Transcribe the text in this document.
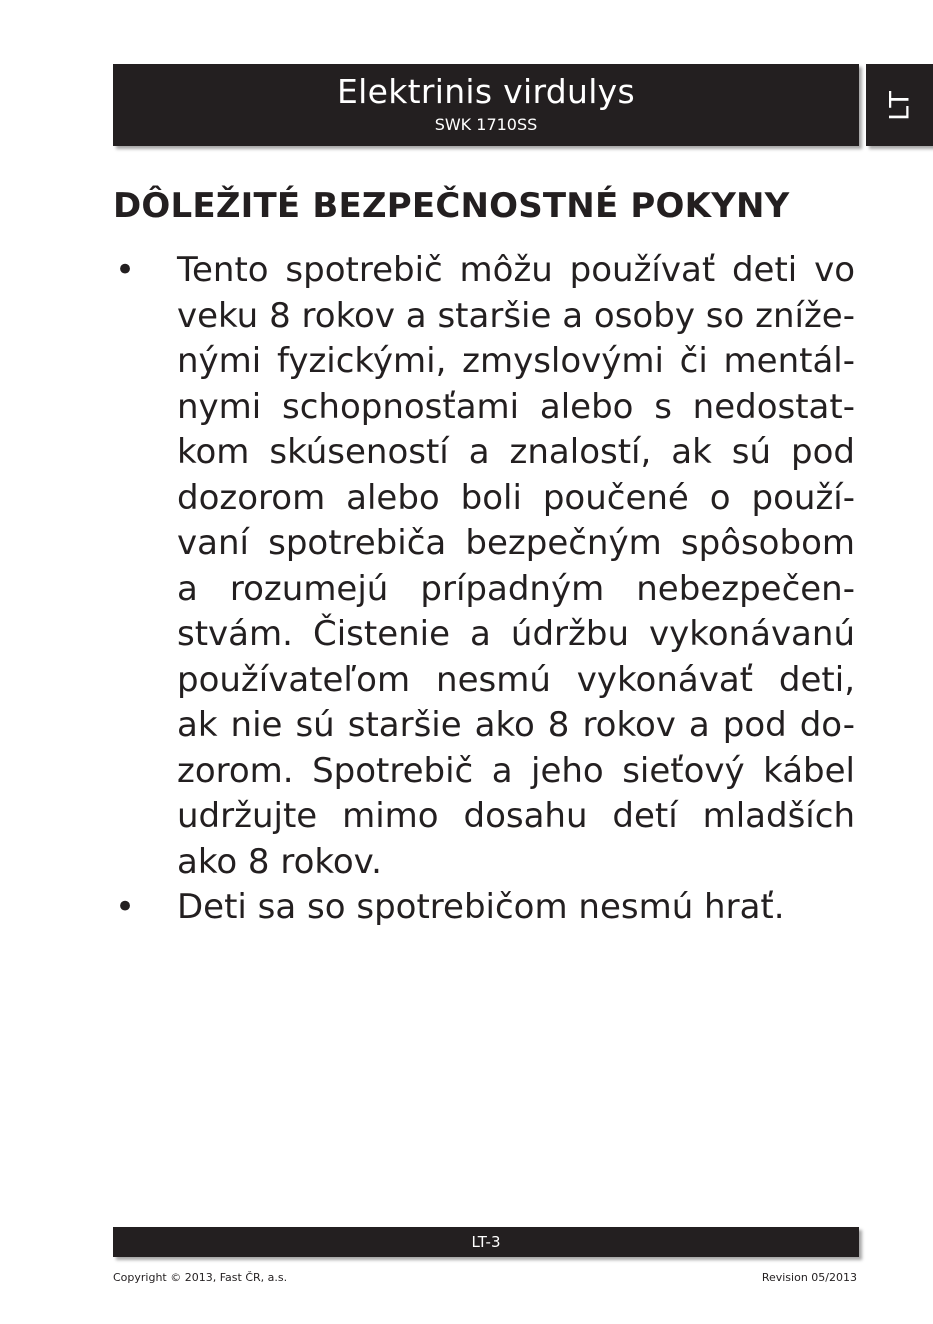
Elektrinis virdulys
SWK 1710SS
LT
DÔLEŽITÉ BEZPEČNOSTNÉ POKYNY
• Tento spotrebič môžu používať deti vo veku 8 rokov a staršie a osoby so zníže-nými fyzickými, zmyslovými či mentál-nymi schopnosťami alebo s nedostat-kom skúseností a znalostí, ak sú pod dozorom alebo boli poučené o použí-vaní spotrebiča bezpečným spôsobom a rozumejú prípadným nebezpečen-stvám. Čistenie a údržbu vykonávanú používateľom nesmú vykonávať deti, ak nie sú staršie ako 8 rokov a pod do-zorom. Spotrebič a jeho sieťový kábel udržujte mimo dosahu detí mladších ako 8 rokov.
• Deti sa so spotrebičom nesmú hrať.
LT-3
Copyright © 2013, Fast ČR, a.s.	Revision 05/2013
